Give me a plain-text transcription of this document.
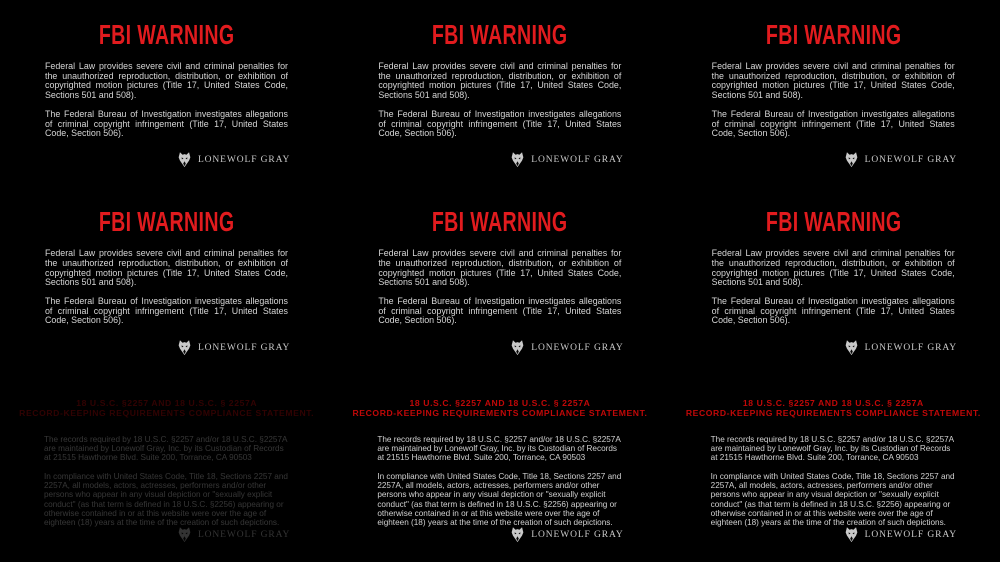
FBI WARNING

Federal Law provides severe civil and criminal penalties for the unauthorized reproduction, distribution, or exhibition of copyrighted motion pictures (Title 17, United States Code, Sections 501 and 508).

The Federal Bureau of Investigation investigates allegations of criminal copyright infringement (Title 17, United States Code, Section 506).

LONEWOLF GRAY
FBI WARNING

Federal Law provides severe civil and criminal penalties for the unauthorized reproduction, distribution, or exhibition of copyrighted motion pictures (Title 17, United States Code, Sections 501 and 508).

The Federal Bureau of Investigation investigates allegations of criminal copyright infringement (Title 17, United States Code, Section 506).

LONEWOLF GRAY
FBI WARNING

Federal Law provides severe civil and criminal penalties for the unauthorized reproduction, distribution, or exhibition of copyrighted motion pictures (Title 17, United States Code, Sections 501 and 508).

The Federal Bureau of Investigation investigates allegations of criminal copyright infringement (Title 17, United States Code, Section 506).

LONEWOLF GRAY
FBI WARNING

Federal Law provides severe civil and criminal penalties for the unauthorized reproduction, distribution, or exhibition of copyrighted motion pictures (Title 17, United States Code, Sections 501 and 508).

The Federal Bureau of Investigation investigates allegations of criminal copyright infringement (Title 17, United States Code, Section 506).

LONEWOLF GRAY
FBI WARNING

Federal Law provides severe civil and criminal penalties for the unauthorized reproduction, distribution, or exhibition of copyrighted motion pictures (Title 17, United States Code, Sections 501 and 508).

The Federal Bureau of Investigation investigates allegations of criminal copyright infringement (Title 17, United States Code, Section 506).

LONEWOLF GRAY
FBI WARNING

Federal Law provides severe civil and criminal penalties for the unauthorized reproduction, distribution, or exhibition of copyrighted motion pictures (Title 17, United States Code, Sections 501 and 508).

The Federal Bureau of Investigation investigates allegations of criminal copyright infringement (Title 17, United States Code, Section 506).

LONEWOLF GRAY
18 U.S.C. §2257 AND 18 U.S.C. § 2257A
RECORD-KEEPING REQUIREMENTS COMPLIANCE STATEMENT.

The records required by 18 U.S.C. §2257 and/or 18 U.S.C. §2257A are maintained by Lonewolf Gray, Inc. by its Custodian of Records at 21515 Hawthorne Blvd. Suite 200, Torrance, CA 90503

In compliance with United States Code, Title 18, Sections 2257 and 2257A, all models, actors, actresses, performers and/or other persons who appear in any visual depiction or "sexually explicit conduct" (as that term is defined in 18 U.S.C. §2256) appearing or otherwise contained in or at this website were over the age of eighteen (18) years at the time of the creation of such depictions.

LONEWOLF GRAY
18 U.S.C. §2257 AND 18 U.S.C. § 2257A
RECORD-KEEPING REQUIREMENTS COMPLIANCE STATEMENT.

The records required by 18 U.S.C. §2257 and/or 18 U.S.C. §2257A are maintained by Lonewolf Gray, Inc. by its Custodian of Records at 21515 Hawthorne Blvd. Suite 200, Torrance, CA 90503

In compliance with United States Code, Title 18, Sections 2257 and 2257A, all models, actors, actresses, performers and/or other persons who appear in any visual depiction or "sexually explicit conduct" (as that term is defined in 18 U.S.C. §2256) appearing or otherwise contained in or at this website were over the age of eighteen (18) years at the time of the creation of such depictions.

LONEWOLF GRAY
18 U.S.C. §2257 AND 18 U.S.C. § 2257A
RECORD-KEEPING REQUIREMENTS COMPLIANCE STATEMENT.

The records required by 18 U.S.C. §2257 and/or 18 U.S.C. §2257A are maintained by Lonewolf Gray, Inc. by its Custodian of Records at 21515 Hawthorne Blvd. Suite 200, Torrance, CA 90503

In compliance with United States Code, Title 18, Sections 2257 and 2257A, all models, actors, actresses, performers and/or other persons who appear in any visual depiction or "sexually explicit conduct" (as that term is defined in 18 U.S.C. §2256) appearing or otherwise contained in or at this website were over the age of eighteen (18) years at the time of the creation of such depictions.

LONEWOLF GRAY
